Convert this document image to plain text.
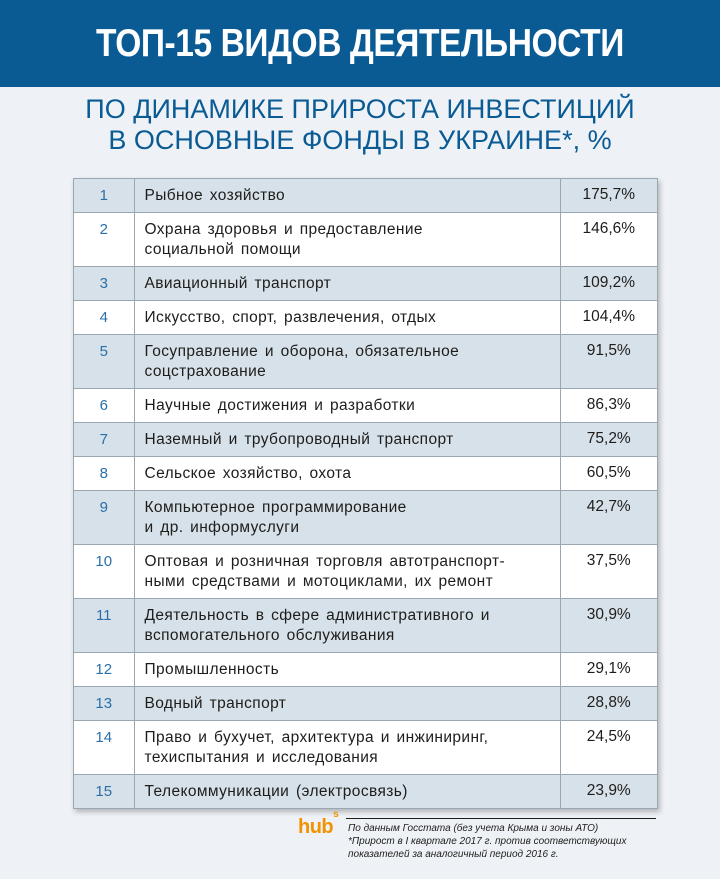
ТОП-15 ВИДОВ ДЕЯТЕЛЬНОСТИ
ПО ДИНАМИКЕ ПРИРОСТА ИНВЕСТИЦИЙ
В ОСНОВНЫЕ ФОНДЫ В УКРАИНЕ*, %
1	Рыбное хозяйство	175,7%
2	Охрана здоровья и предоставление
социальной помощи	146,6%
3	Авиационный транспорт	109,2%
4	Искусство, спорт, развлечения, отдых	104,4%
5	Госуправление и оборона, обязательное
соцстрахование	91,5%
6	Научные достижения и разработки	86,3%
7	Наземный и трубопроводный транспорт	75,2%
8	Сельское хозяйство, охота	60,5%
9	Компьютерное программирование
и др. информуслуги	42,7%
10	Оптовая и розничная торговля автотранспорт-
ными средствами и мотоциклами, их ремонт	37,5%
11	Деятельность в сфере административного и
вспомогательного обслуживания	30,9%
12	Промышленность	29,1%
13	Водный транспорт	28,8%
14	Право и бухучет, архитектура и инжиниринг,
техиспытания и исследования	24,5%
15	Телекоммуникации (электросвязь)	23,9%
hub$^s$
По данным Госстата (без учета Крыма и зоны АТО)
*Прирост в I квартале 2017 г. против соответствующих
показателей за аналогичный период 2016 г.
